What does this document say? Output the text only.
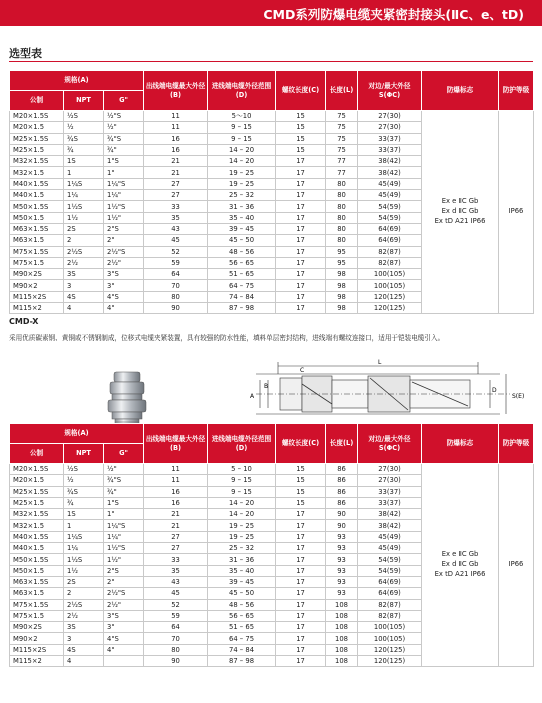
CMD系列防爆电缆夹紧密封接头(ⅡC、e、tD)
选型表
规格(A)			出线端电缆最大外径(B)	进线端电缆外径范围(D)	螺纹长度(C)	长度(L)	对边/最大外径S(ΦC)	防爆标志	防护等级
公制	NPT	G"							
M20×1.5S	½S	½"S	11	5～10	15	75	27(30)	Ex e ⅡC Gb
Ex d ⅡC Gb
Ex tD A21 IP66	IP66
M20×1.5	½	½"	11	9 – 15	15	75	27(30)		
M25×1.5S	¾S	¾"S	16	9 – 15	15	75	33(37)		
M25×1.5	¾	¾"	16	14 – 20	15	75	33(37)		
M32×1.5S	1S	1"S	21	14 – 20	17	77	38(42)		
M32×1.5	1	1"	21	19 – 25	17	77	38(42)		
M40×1.5S	1¼S	1¼"S	27	19 – 25	17	80	45(49)		
M40×1.5	1¼	1¼"	27	25 – 32	17	80	45(49)		
M50×1.5S	1½S	1½"S	33	31 – 36	17	80	54(59)		
M50×1.5	1½	1½"	35	35 – 40	17	80	54(59)		
M63×1.5S	2S	2"S	43	39 – 45	17	80	64(69)		
M63×1.5	2	2"	45	45 – 50	17	80	64(69)		
M75×1.5S	2½S	2½"S	52	48 – 56	17	95	82(87)		
M75×1.5	2½	2½"	59	56 – 65	17	95	82(87)		
M90×2S	3S	3"S	64	51 – 65	17	98	100(105)		
M90×2	3	3"	70	64 – 75	17	98	100(105)		
M115×2S	4S	4"S	80	74 – 84	17	98	120(125)		
M115×2	4	4"	90	87 – 98	17	98	120(125)		
CMD-X
采用优质碳素钢、黄铜或不锈钢制成，位移式电缆夹紧装置，具有较强的防水性能，填料单层密封结构，进线端有螺纹连接口，适用于铠装电缆引入。
L
C
A
B
D
S(E)
规格(A)			出线端电缆最大外径(B)	进线端电缆外径范围(D)	螺纹长度(C)	长度(L)	对边/最大外径S(ΦC)	防爆标志	防护等级
公制	NPT	G"							
M20×1.5S	½S	½"	11	5 – 10	15	86	27(30)	Ex e ⅡC Gb
Ex d ⅡC Gb
Ex tD A21 IP66	IP66
M20×1.5	½	¾"S	11	9 – 15	15	86	27(30)		
M25×1.5S	¾S	¾"	16	9 – 15	15	86	33(37)		
M25×1.5	¾	1"S	16	14 – 20	15	86	33(37)		
M32×1.5S	1S	1"	21	14 – 20	17	90	38(42)		
M32×1.5	1	1¼"S	21	19 – 25	17	90	38(42)		
M40×1.5S	1¼S	1¼"	27	19 – 25	17	93	45(49)		
M40×1.5	1¼	1½"S	27	25 – 32	17	93	45(49)		
M50×1.5S	1½S	1½"	33	31 – 36	17	93	54(59)		
M50×1.5	1½	2"S	35	35 – 40	17	93	54(59)		
M63×1.5S	2S	2"	43	39 – 45	17	93	64(69)		
M63×1.5	2	2½"S	45	45 – 50	17	93	64(69)		
M75×1.5S	2½S	2½"	52	48 – 56	17	108	82(87)		
M75×1.5	2½	3"S	59	56 – 65	17	108	82(87)		
M90×2S	3S	3"	64	51 – 65	17	108	100(105)		
M90×2	3	4"S	70	64 – 75	17	108	100(105)		
M115×2S	4S	4"	80	74 – 84	17	108	120(125)		
M115×2	4		90	87 – 98	17	108	120(125)		
